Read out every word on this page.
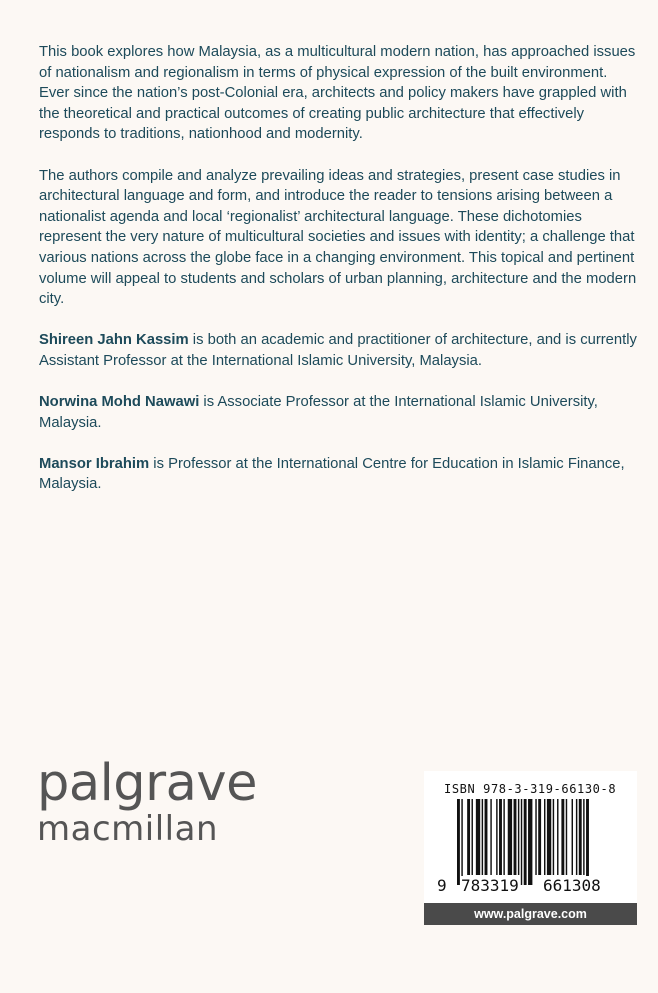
This book explores how Malaysia, as a multicultural modern nation, has approached issues of nationalism and regionalism in terms of physical expression of the built environment. Ever since the nation’s post-Colonial era, architects and policy makers have grappled with the theoretical and practical outcomes of creating public architecture that effectively responds to traditions, nationhood and modernity.

The authors compile and analyze prevailing ideas and strategies, present case studies in architectural language and form, and introduce the reader to tensions arising between a nationalist agenda and local ‘regionalist’ architectural language. These dichotomies represent the very nature of multicultural societies and issues with identity; a challenge that various nations across the globe face in a changing environment. This topical and pertinent volume will appeal to students and scholars of urban planning, architecture and the modern city.

Shireen Jahn Kassim is both an academic and practitioner of architecture, and is currently Assistant Professor at the International Islamic University, Malaysia.

Norwina Mohd Nawawi is Associate Professor at the International Islamic University, Malaysia.

Mansor Ibrahim is Professor at the International Centre for Education in Islamic Finance, Malaysia.

palgrave
macmillan
ISBN 978-3-319-66130-8
9 783319 661308
www.palgrave.com
